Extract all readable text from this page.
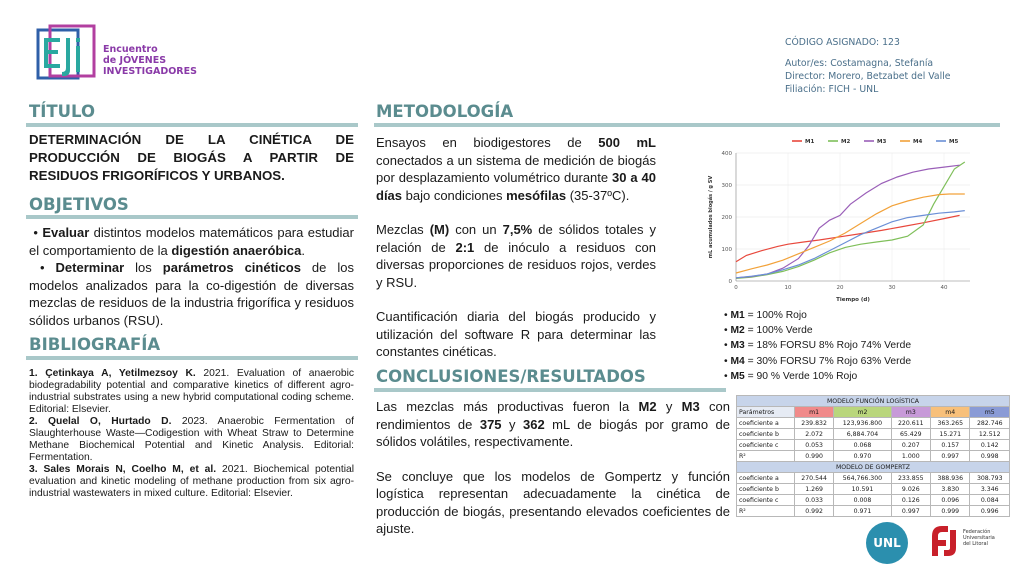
Encuentro
de JÓVENES
INVESTIGADORES
CÓDIGO ASIGNADO: 123
Autor/es: Costamagna, Stefanía
Director: Morero, Betzabet del Valle
Filiación: FICH - UNL
TÍTULO
DETERMINACIÓN DE LA CINÉTICA DE PRODUCCIÓN DE BIOGÁS A PARTIR DE RESIDUOS FRIGORÍFICOS Y URBANOS.
OBJETIVOS
• Evaluar distintos modelos matemáticos para estudiar el comportamiento de la digestión anaeróbica.
• Determinar los parámetros cinéticos de los modelos analizados para la co-digestión de diversas mezclas de residuos de la industria frigorífica y residuos sólidos urbanos (RSU).
BIBLIOGRAFÍA

1. Çetinkaya A, Yetilmezsoy K. 2021. Evaluation of anaerobic biodegradability potential and comparative kinetics of different agro-industrial substrates using a new hybrid computational coding scheme. Editorial: Elsevier.

2. Quelal O, Hurtado D. 2023. Anaerobic Fermentation of Slaughterhouse Waste—Codigestion with Wheat Straw to Determine Methane Biochemical Potential and Kinetic Analysis. Editorial: Fermentation.

3. Sales Morais N, Coelho M, et al. 2021. Biochemical potential evaluation and kinetic modeling of methane production from six agro-industrial wastewaters in mixed culture. Editorial: Elsevier.

METODOLOGÍA

Ensayos en biodigestores de 500 mL conectados a un sistema de medición de biogás por desplazamiento volumétrico durante 30 a 40 días bajo condiciones mesófilas (35-37ºC).

Mezclas (M) con un 7,5% de sólidos totales y relación de 2:1 de inóculo a residuos con diversas proporciones de residuos rojos, verdes y RSU.

Cuantificación diaria del biogás producido y utilización del software R para determinar las constantes cinéticas.

0
100
200
300
400
0	10	20	30	40
Tiempo (d)
mL acumulados biogás / g SV
M1	M2	M3	M4	M5
• M1 = 100% Rojo
• M2 = 100% Verde
• M3 = 18% FORSU 8% Rojo 74% Verde
• M4 = 30% FORSU 7% Rojo 63% Verde
• M5 = 90 % Verde 10% Rojo
CONCLUSIONES/RESULTADOS

Las mezclas más productivas fueron la M2 y M3 con rendimientos de 375 y 362 mL de biogás por gramo de sólidos volátiles, respectivamente.

Se concluye que los modelos de Gompertz y función logística representan adecuadamente la cinética de producción de biogás, presentando elevados coeficientes de ajuste.

MODELO FUNCIÓN LOGÍSTICA					
Parámetros	m1	m2	m3	m4	m5
coeficiente a	239.832	123,936.800	220.611	363.265	282.746
coeficiente b	2.072	6,884.704	65.429	15.271	12.512
coeficiente c	0.053	0.068	0.207	0.157	0.142
R²	0.990	0.970	1.000	0.997	0.998
MODELO DE GOMPERTZ					
coeficiente a	270.544	564,766.300	233.855	388.936	308.793
coeficiente b	1.269	10.591	9.026	3.830	3.346
coeficiente c	0.033	0.008	0.126	0.096	0.084
R²	0.992	0.971	0.997	0.999	0.996
UNL
Federación
Universitaria
del Litoral
